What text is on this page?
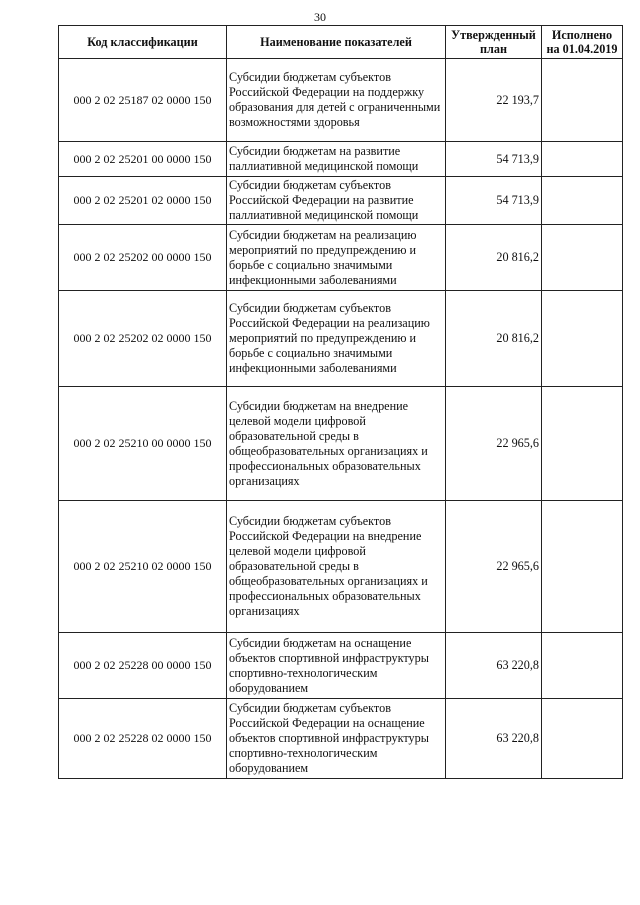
30
Код классификации	Наименование показателей	Утвержденный план	Исполнено на 01.04.2019
000 2 02 25187 02 0000 150	Субсидии бюджетам субъектов Российской Федерации на поддержку образования для детей с ограниченными возможностями здоровья	22 193,7	
000 2 02 25201 00 0000 150	Субсидии бюджетам на развитие паллиативной медицинской помощи	54 713,9	
000 2 02 25201 02 0000 150	Субсидии бюджетам субъектов Российской Федерации на развитие паллиативной медицинской помощи	54 713,9	
000 2 02 25202 00 0000 150	Субсидии бюджетам на реализацию мероприятий по предупреждению и борьбе с социально значимыми инфекционными заболеваниями	20 816,2	
000 2 02 25202 02 0000 150	Субсидии бюджетам субъектов Российской Федерации на реализацию мероприятий по предупреждению и борьбе с социально значимыми инфекционными заболеваниями	20 816,2	
000 2 02 25210 00 0000 150	Субсидии бюджетам на внедрение целевой модели цифровой образовательной среды в общеобразовательных организациях и профессиональных образовательных организациях	22 965,6	
000 2 02 25210 02 0000 150	Субсидии бюджетам субъектов Российской Федерации на внедрение целевой модели цифровой образовательной среды в общеобразовательных организациях и профессиональных образовательных организациях	22 965,6	
000 2 02 25228 00 0000 150	Субсидии бюджетам на оснащение объектов спортивной инфраструктуры спортивно-технологическим оборудованием	63 220,8	
000 2 02 25228 02 0000 150	Субсидии бюджетам субъектов Российской Федерации на оснащение объектов спортивной инфраструктуры спортивно-технологическим оборудованием	63 220,8	
